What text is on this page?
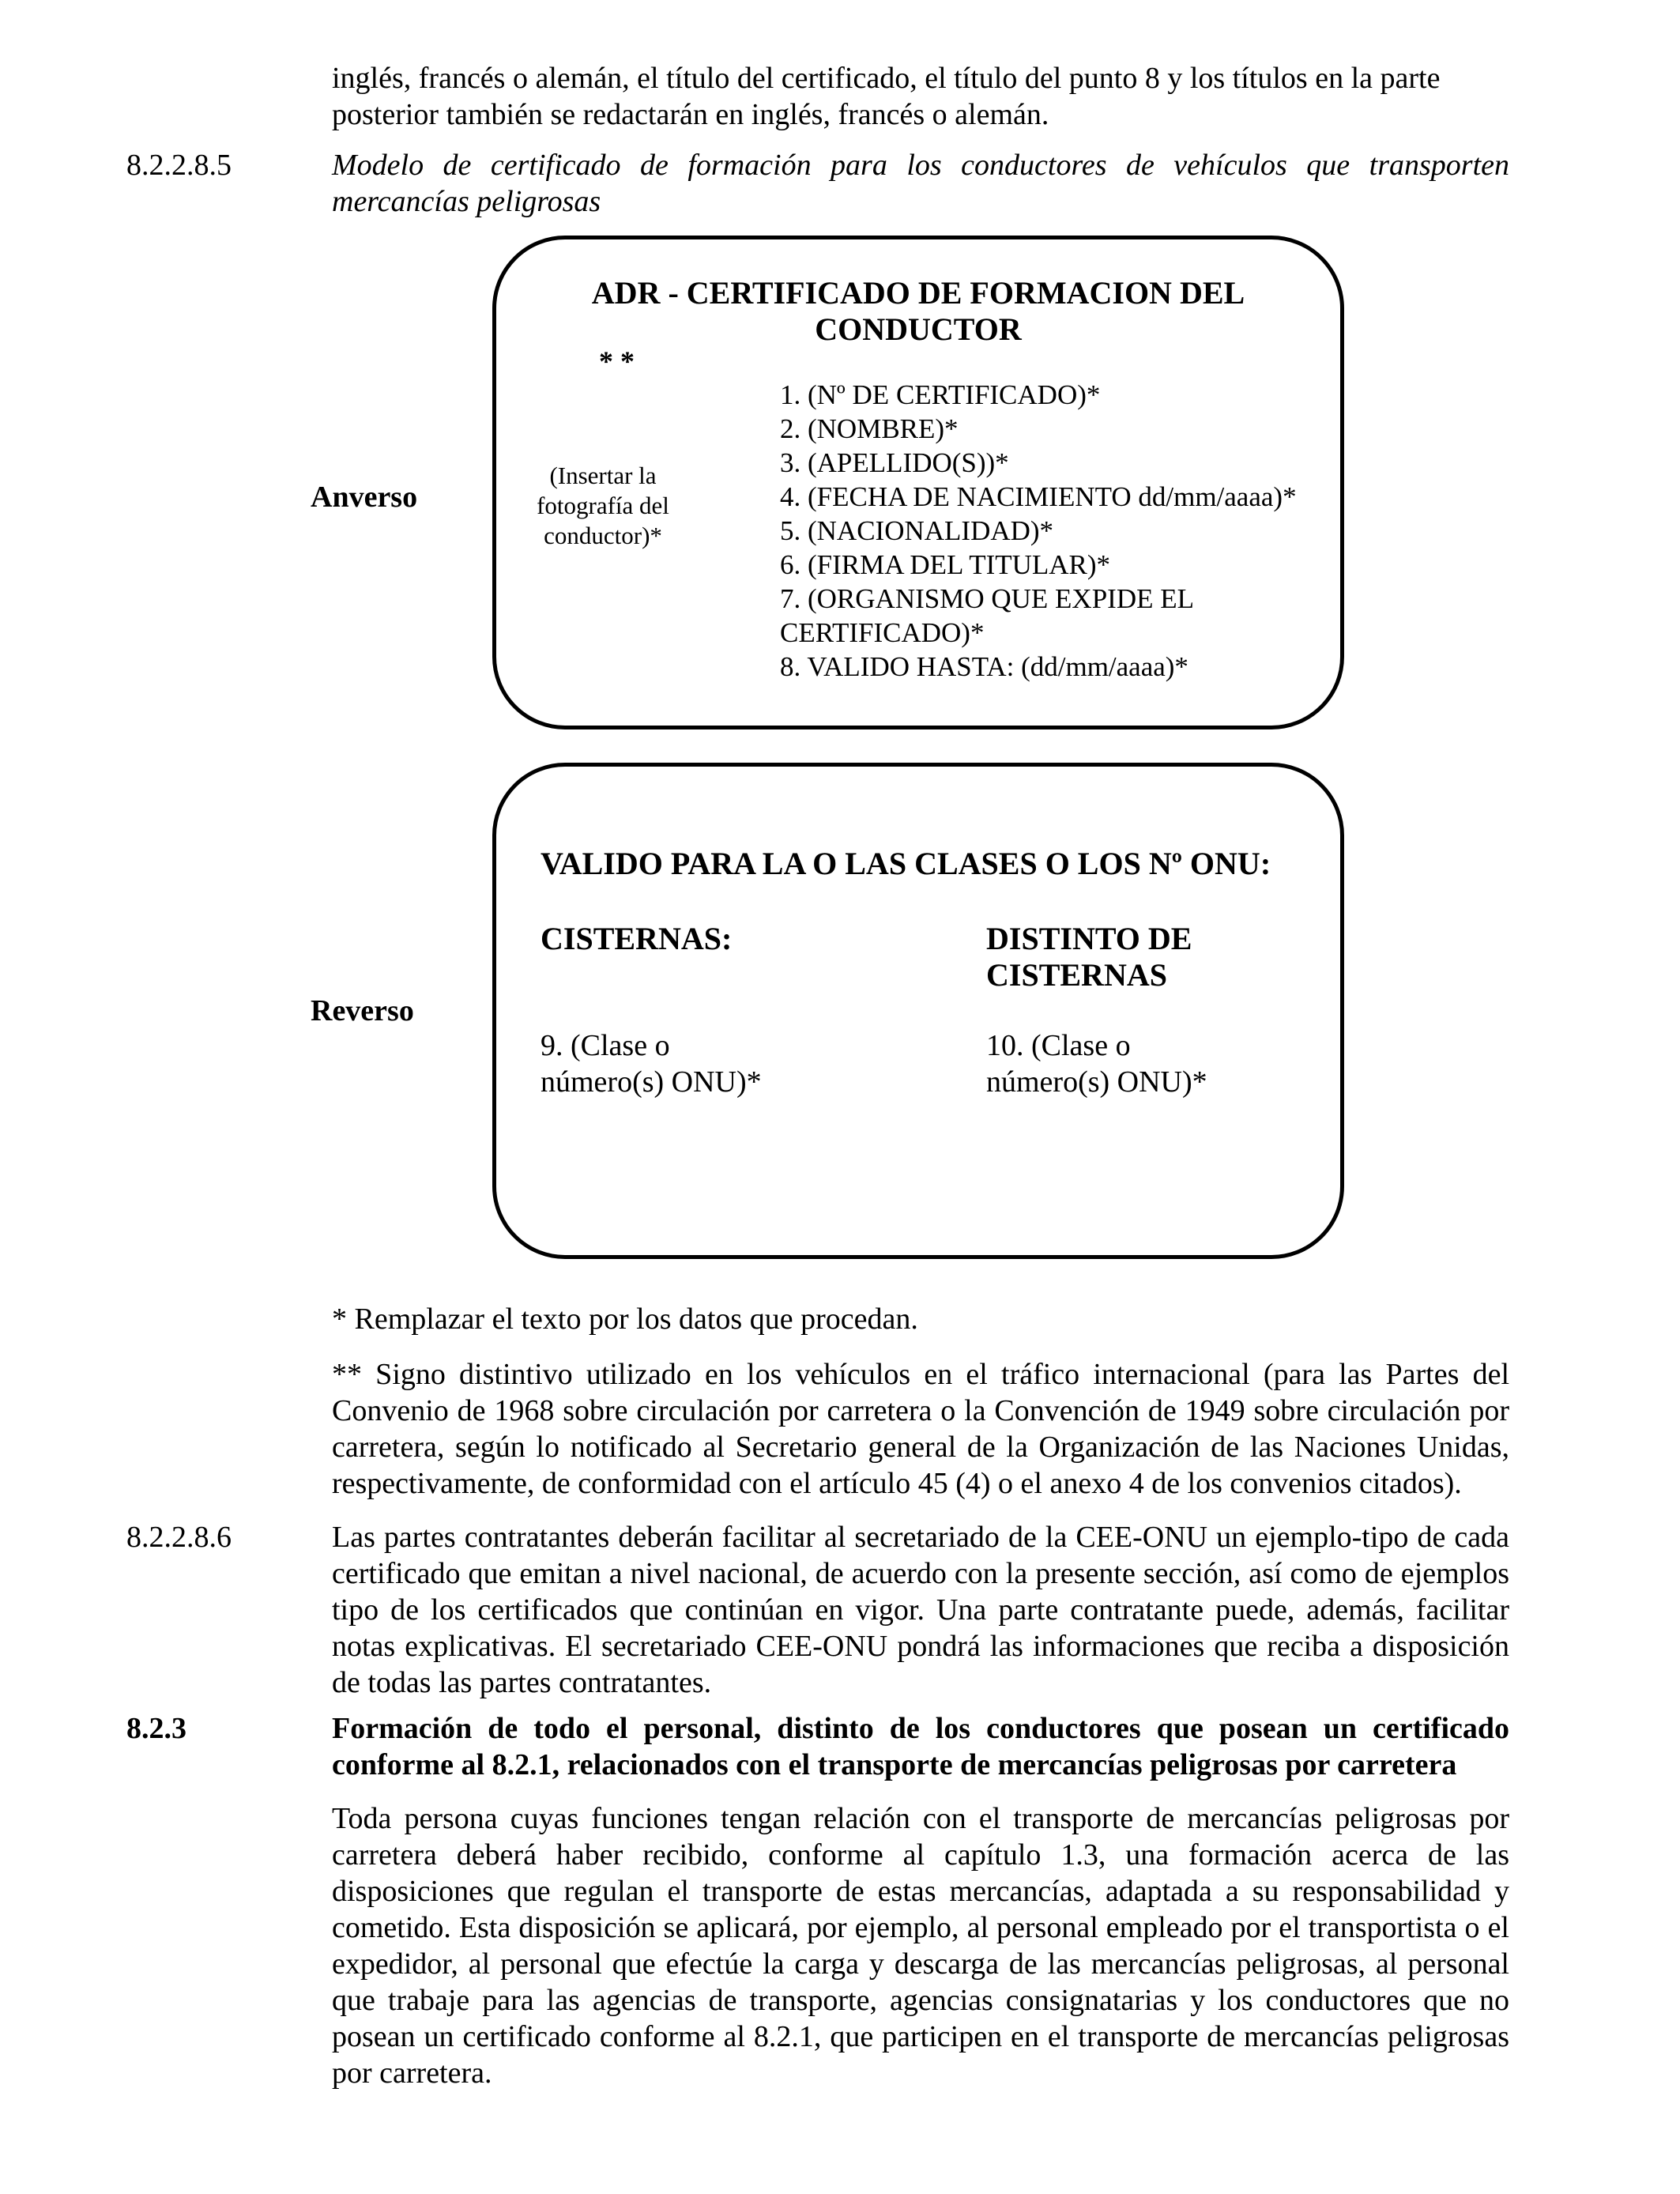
inglés, francés o alemán, el título del certificado, el título del punto 8 y los títulos en la parte
posterior también se redactarán en inglés, francés o alemán.
8.2.2.8.5	Modelo de certificado de formación para los conductores de vehículos que transporten
mercancías peligrosas
Anverso
ADR - CERTIFICADO DE FORMACION DEL
CONDUCTOR
* *
(Insertar la
fotografía del
conductor)*
1. (Nº DE CERTIFICADO)*
2. (NOMBRE)*
3. (APELLIDO(S))*
4. (FECHA DE NACIMIENTO dd/mm/aaaa)*
5. (NACIONALIDAD)*
6. (FIRMA DEL TITULAR)*
7. (ORGANISMO QUE EXPIDE EL
CERTIFICADO)*
8. VALIDO HASTA: (dd/mm/aaaa)*
Reverso
VALIDO PARA LA O LAS CLASES O LOS Nº ONU:
CISTERNAS:	DISTINTO DE
CISTERNAS
9. (Clase o
número(s) ONU)*
10. (Clase o
número(s) ONU)*
* Remplazar el texto por los datos que procedan.

** Signo distintivo utilizado en los vehículos en el tráfico internacional (para las Partes del Convenio de 1968 sobre circulación por carretera o la Convención de 1949 sobre circulación por carretera, según lo notificado al Secretario general de la Organización de las Naciones Unidas, respectivamente, de conformidad con el artículo 45 (4) o el anexo 4 de los convenios citados).

8.2.2.8.6	Las partes contratantes deberán facilitar al secretariado de la CEE-ONU un ejemplo-tipo de cada certificado que emitan a nivel nacional, de acuerdo con la presente sección, así como de ejemplos tipo de los certificados que continúan en vigor. Una parte contratante puede, además, facilitar notas explicativas. El secretariado CEE-ONU pondrá las informaciones que reciba a disposición de todas las partes contratantes.

8.2.3	Formación de todo el personal, distinto de los conductores que posean un certificado conforme al 8.2.1, relacionados con el transporte de mercancías peligrosas por carretera

Toda persona cuyas funciones tengan relación con el transporte de mercancías peligrosas por carretera deberá haber recibido, conforme al capítulo 1.3, una formación acerca de las disposiciones que regulan el transporte de estas mercancías, adaptada a su responsabilidad y cometido. Esta disposición se aplicará, por ejemplo, al personal empleado por el transportista o el expedidor, al personal que efectúe la carga y descarga de las mercancías peligrosas, al personal que trabaje para las agencias de transporte, agencias consignatarias y los conductores que no posean un certificado conforme al 8.2.1, que participen en el transporte de mercancías peligrosas por carretera.
